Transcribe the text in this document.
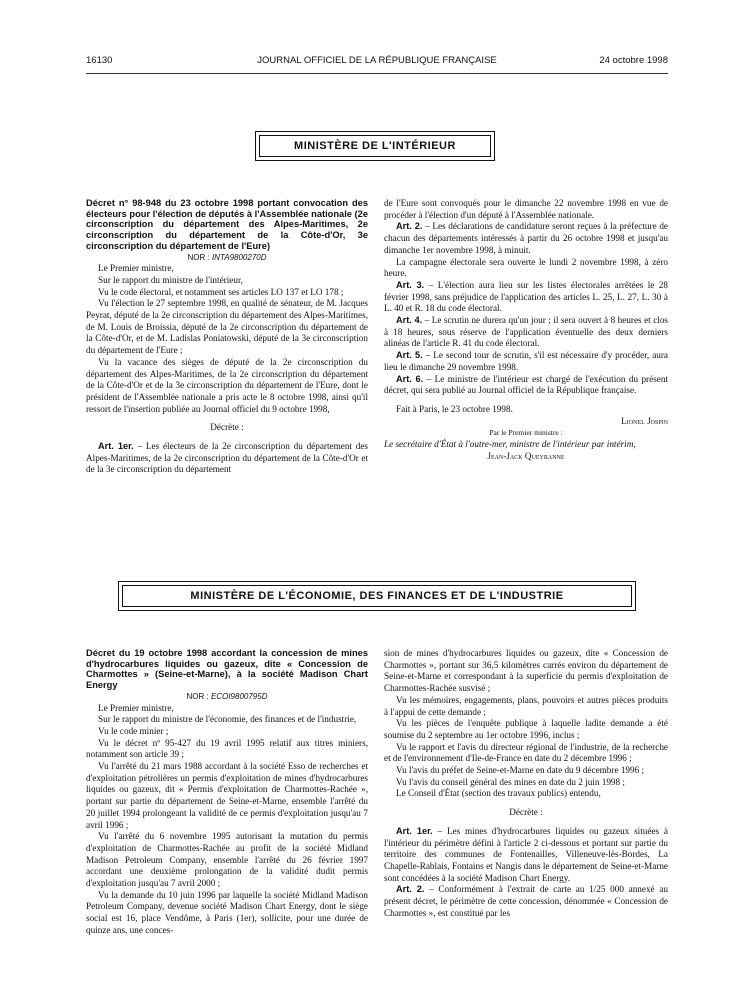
16130	JOURNAL OFFICIEL DE LA RÉPUBLIQUE FRANÇAISE	24 octobre 1998
MINISTÈRE DE L'INTÉRIEUR

Décret n° 98-948 du 23 octobre 1998 portant convocation des électeurs pour l'élection de députés à l'Assemblée nationale (2e circonscription du département des Alpes-Maritimes, 2e circonscription du département de la Côte-d'Or, 3e circonscription du département de l'Eure)

NOR : INTA9800270D

Le Premier ministre,

Sur le rapport du ministre de l'intérieur,

Vu le code électoral, et notamment ses articles LO 137 et LO 178 ;

Vu l'élection le 27 septembre 1998, en qualité de sénateur, de M. Jacques Peyrat, député de la 2e circonscription du département des Alpes-Maritimes, de M. Louis de Broissia, député de la 2e circonscription du département de la Côte-d'Or, et de M. Ladislas Poniatowski, député de la 3e circonscription du département de l'Eure ;

Vu la vacance des sièges de député de la 2e circonscription du département des Alpes-Maritimes, de la 2e circonscription du département de la Côte-d'Or et de la 3e circonscription du département de l'Eure, dont le président de l'Assemblée nationale a pris acte le 8 octobre 1998, ainsi qu'il ressort de l'insertion publiée au Journal officiel du 9 octobre 1998,

Décrète :

Art. 1er. – Les électeurs de la 2e circonscription du département des Alpes-Maritimes, de la 2e circonscription du département de la Côte-d'Or et de la 3e circonscription du département

de l'Eure sont convoqués pour le dimanche 22 novembre 1998 en vue de procéder à l'élection d'un député à l'Assemblée nationale.

Art. 2. – Les déclarations de candidature seront reçues à la préfecture de chacun des départements intéressés à partir du 26 octobre 1998 et jusqu'au dimanche 1er novembre 1998, à minuit.

La campagne électorale sera ouverte le lundi 2 novembre 1998, à zéro heure.

Art. 3. – L'élection aura lieu sur les listes électorales arrêtées le 28 février 1998, sans préjudice de l'application des articles L. 25, L. 27, L. 30 à L. 40 et R. 18 du code électoral.

Art. 4. – Le scrutin ne durera qu'un jour ; il sera ouvert à 8 heures et clos à 18 heures, sous réserve de l'application éventuelle des deux derniers alinéas de l'article R. 41 du code électoral.

Art. 5. – Le second tour de scrutin, s'il est nécessaire d'y procéder, aura lieu le dimanche 29 novembre 1998.

Art. 6. – Le ministre de l'intérieur est chargé de l'exécution du présent décret, qui sera publié au Journal officiel de la République française.

Fait à Paris, le 23 octobre 1998.

Lionel Jospin

Par le Premier ministre :

Le secrétaire d'État à l'outre-mer, ministre de l'intérieur par intérim,

Jean-Jack Queyranne

MINISTÈRE DE L'ÉCONOMIE, DES FINANCES ET DE L'INDUSTRIE

Décret du 19 octobre 1998 accordant la concession de mines d'hydrocarbures liquides ou gazeux, dite « Concession de Charmottes » (Seine-et-Marne), à la société Madison Chart Energy

NOR : ECOI9800795D

Le Premier ministre,

Sur le rapport du ministre de l'économie, des finances et de l'industrie,

Vu le code minier ;

Vu le décret nº 95-427 du 19 avril 1995 relatif aux titres miniers, notamment son article 39 ;

Vu l'arrêté du 21 mars 1988 accordant à la société Esso de recherches et d'exploitation pétrolières un permis d'exploitation de mines d'hydrocarbures liquides ou gazeux, dit « Permis d'exploitation de Charmottes-Rachée », portant sur partie du département de Seine-et-Marne, ensemble l'arrêté du 20 juillet 1994 prolongeant la validité de ce permis d'exploitation jusqu'au 7 avril 1996 ;

Vu l'arrêté du 6 novembre 1995 autorisant la mutation du permis d'exploitation de Charmottes-Rachée au profit de la société Midland Madison Petroleum Company, ensemble l'arrêté du 26 février 1997 accordant une deuxième prolongation de la validité dudit permis d'exploitation jusqu'au 7 avril 2000 ;

Vu la demande du 10 juin 1996 par laquelle la société Midland Madison Petroleum Company, devenue société Madison Chart Energy, dont le siège social est 16, place Vendôme, à Paris (1er), sollicite, pour une durée de quinze ans, une conces-

sion de mines d'hydrocarbures liquides ou gazeux, dite « Concession de Charmottes », portant sur 36,5 kilomètres carrés environ du département de Seine-et-Marne et correspondant à la superficie du permis d'exploitation de Charmottes-Rachée susvisé ;

Vu les mémoires, engagements, plans, pouvoirs et autres pièces produits à l'appui de cette demande ;

Vu les pièces de l'enquête publique à laquelle ladite demande a été soumise du 2 septembre au 1er octobre 1996, inclus ;

Vu le rapport et l'avis du directeur régional de l'industrie, de la recherche et de l'environnement d'Ile-de-France en date du 2 décembre 1996 ;

Vu l'avis du préfet de Seine-et-Marne en date du 9 décembre 1996 ;

Vu l'avis du conseil général des mines en date du 2 juin 1998 ;

Le Conseil d'État (section des travaux publics) entendu,

Décrète :

Art. 1er. – Les mines d'hydrocarbures liquides ou gazeux situées à l'intérieur du périmètre défini à l'article 2 ci-dessous et portant sur partie du territoire des communes de Fontenailles, Villeneuve-lès-Bordes, La Chapelle-Rablais, Fontains et Nangis dans le département de Seine-et-Marne sont concédées à la société Madison Chart Energy.

Art. 2. – Conformément à l'extrait de carte au 1/25 000 annexé au présent décret, le périmètre de cette concession, dénommée « Concession de Charmottes », est constitué par les
